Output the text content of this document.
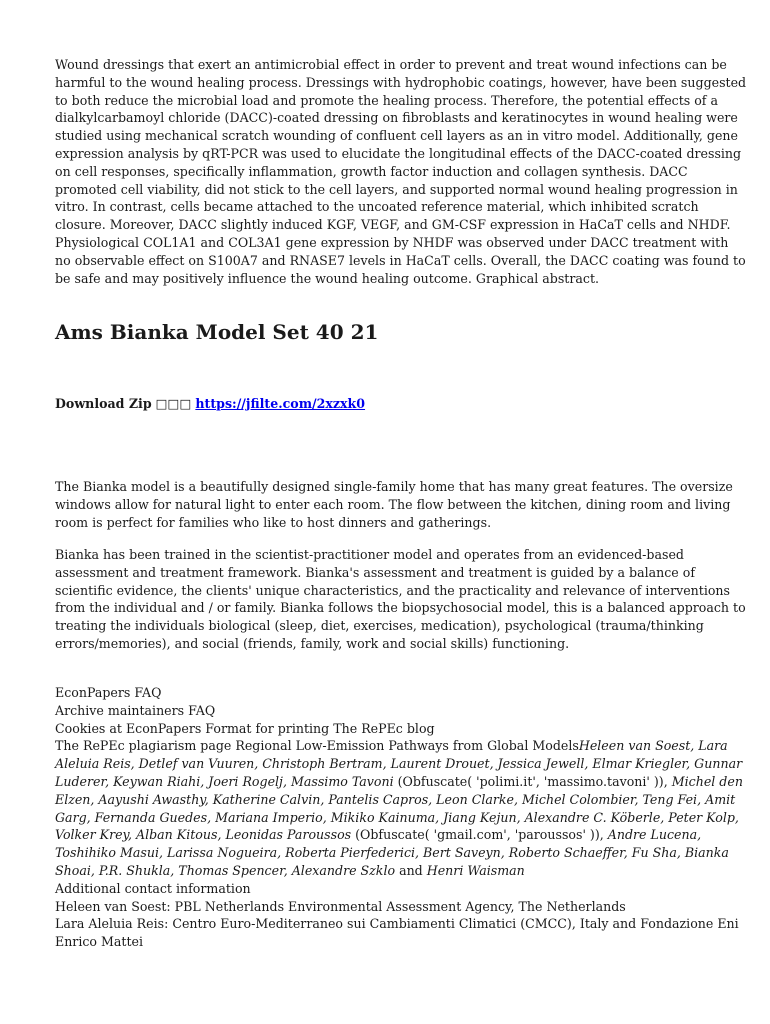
Wound dressings that exert an antimicrobial effect in order to prevent and treat wound infections can be harmful to the wound healing process. Dressings with hydrophobic coatings, however, have been suggested to both reduce the microbial load and promote the healing process. Therefore, the potential effects of a dialkylcarbamoyl chloride (DACC)-coated dressing on fibroblasts and keratinocytes in wound healing were studied using mechanical scratch wounding of confluent cell layers as an in vitro model. Additionally, gene expression analysis by qRT-PCR was used to elucidate the longitudinal effects of the DACC-coated dressing on cell responses, specifically inflammation, growth factor induction and collagen synthesis. DACC promoted cell viability, did not stick to the cell layers, and supported normal wound healing progression in vitro. In contrast, cells became attached to the uncoated reference material, which inhibited scratch closure. Moreover, DACC slightly induced KGF, VEGF, and GM-CSF expression in HaCaT cells and NHDF. Physiological COL1A1 and COL3A1 gene expression by NHDF was observed under DACC treatment with no observable effect on S100A7 and RNASE7 levels in HaCaT cells. Overall, the DACC coating was found to be safe and may positively influence the wound healing outcome. Graphical abstract.

Ams Bianka Model Set 40 21
Download Zip □□□ https://jfilte.com/2xzxk0

The Bianka model is a beautifully designed single-family home that has many great features. The oversize windows allow for natural light to enter each room. The flow between the kitchen, dining room and living room is perfect for families who like to host dinners and gatherings.

Bianka has been trained in the scientist-practitioner model and operates from an evidenced-based assessment and treatment framework. Bianka's assessment and treatment is guided by a balance of scientific evidence, the clients' unique characteristics, and the practicality and relevance of interventions from the individual and / or family. Bianka follows the biopsychosocial model, this is a balanced approach to treating the individuals biological (sleep, diet, exercises, medication), psychological (trauma/thinking errors/memories), and social (friends, family, work and social skills) functioning.

EconPapers FAQ
Archive maintainers FAQ
Cookies at EconPapers Format for printing The RePEc blog
The RePEc plagiarism page Regional Low-Emission Pathways from Global ModelsHeleen van Soest, Lara Aleluia Reis, Detlef van Vuuren, Christoph Bertram, Laurent Drouet, Jessica Jewell, Elmar Kriegler, Gunnar Luderer, Keywan Riahi, Joeri Rogelj, Massimo Tavoni (Obfuscate( 'polimi.it', 'massimo.tavoni' )), Michel den Elzen, Aayushi Awasthy, Katherine Calvin, Pantelis Capros, Leon Clarke, Michel Colombier, Teng Fei, Amit Garg, Fernanda Guedes, Mariana Imperio, Mikiko Kainuma, Jiang Kejun, Alexandre C. Köberle, Peter Kolp, Volker Krey, Alban Kitous, Leonidas Paroussos (Obfuscate( 'gmail.com', 'paroussos' )), Andre Lucena, Toshihiko Masui, Larissa Nogueira, Roberta Pierfederici, Bert Saveyn, Roberto Schaeffer, Fu Sha, Bianka Shoai, P.R. Shukla, Thomas Spencer, Alexandre Szklo and Henri Waisman
Additional contact information
Heleen van Soest: PBL Netherlands Environmental Assessment Agency, The Netherlands
Lara Aleluia Reis: Centro Euro-Mediterraneo sui Cambiamenti Climatici (CMCC), Italy and Fondazione Eni Enrico Mattei
